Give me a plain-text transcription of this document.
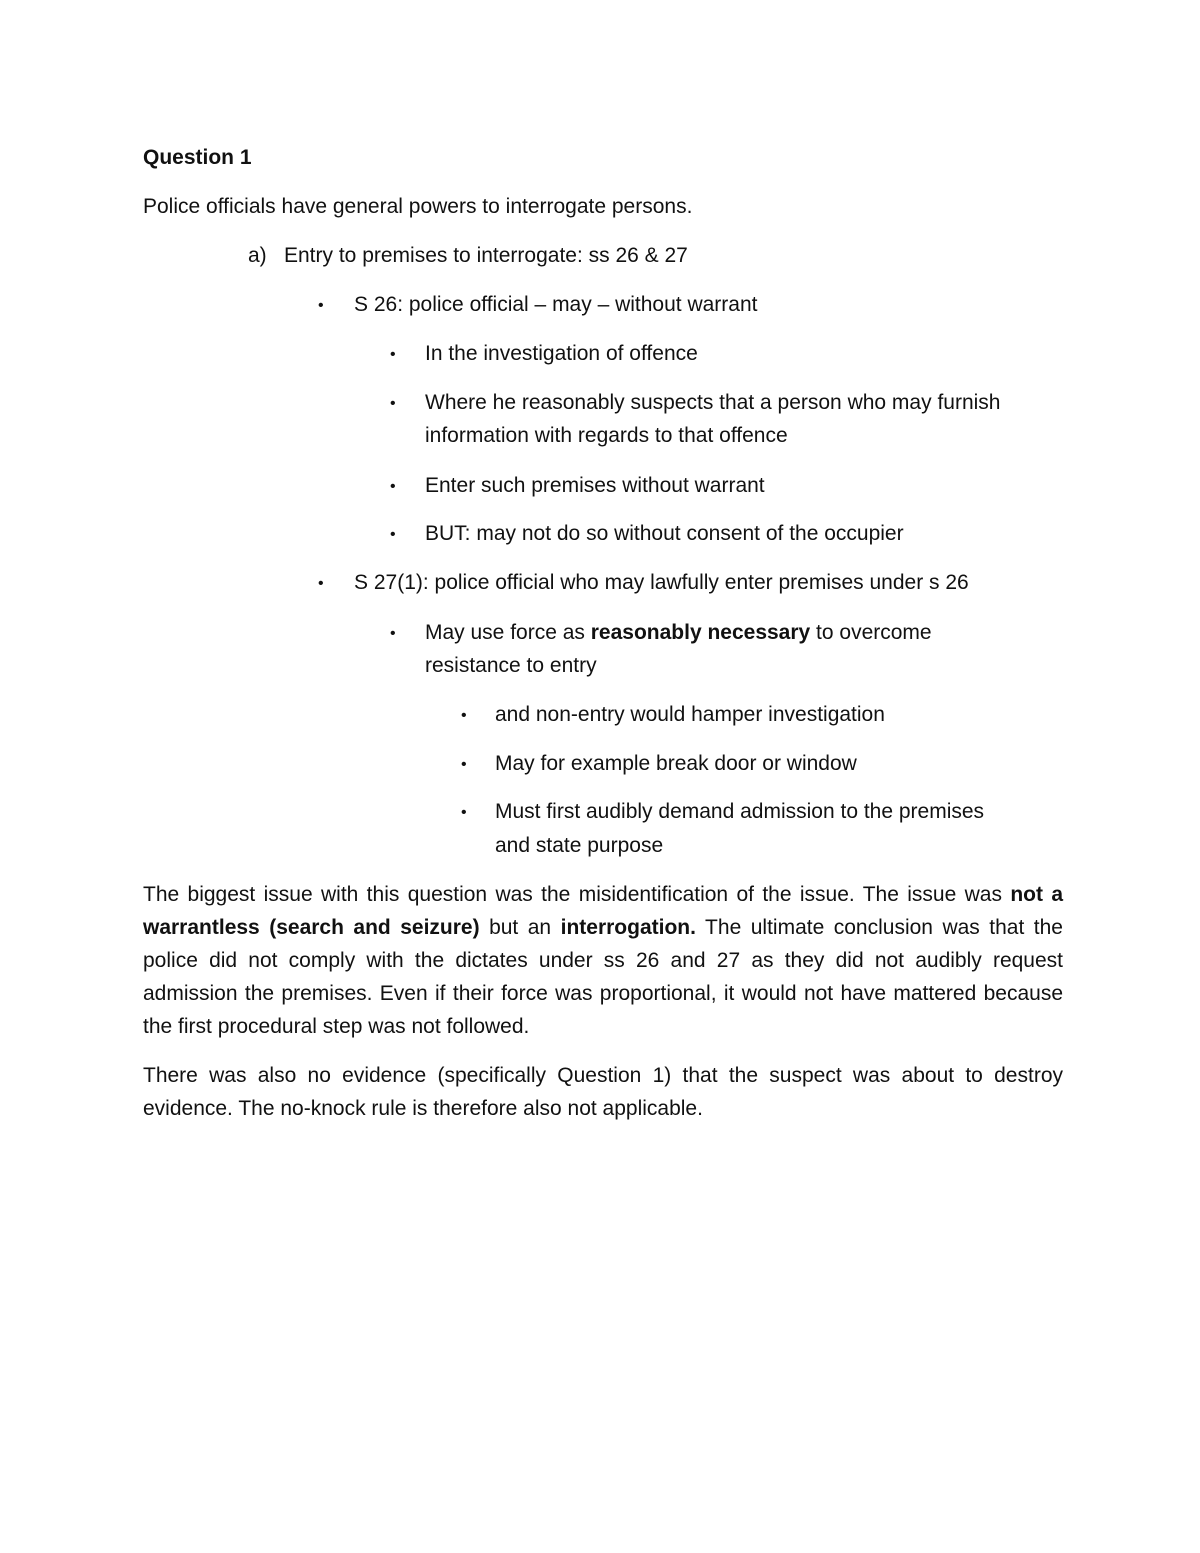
Question 1
Police officials have general powers to interrogate persons.
a) Entry to premises to interrogate: ss 26 & 27
• S 26: police official – may – without warrant
• In the investigation of offence
• Where he reasonably suspects that a person who may furnish
information with regards to that offence
• Enter such premises without warrant
• BUT: may not do so without consent of the occupier
• S 27(1): police official who may lawfully enter premises under s 26
• May use force as reasonably necessary to overcome
resistance to entry
• and non-entry would hamper investigation
• May for example break door or window
• Must first audibly demand admission to the premises
and state purpose
The biggest issue with this question was the misidentification of the issue. The issue was not a warrantless (search and seizure) but an interrogation. The ultimate conclusion was that the police did not comply with the dictates under ss 26 and 27 as they did not audibly request admission the premises. Even if their force was proportional, it would not have mattered because the first procedural step was not followed.
There was also no evidence (specifically Question 1) that the suspect was about to destroy evidence. The no-knock rule is therefore also not applicable.
